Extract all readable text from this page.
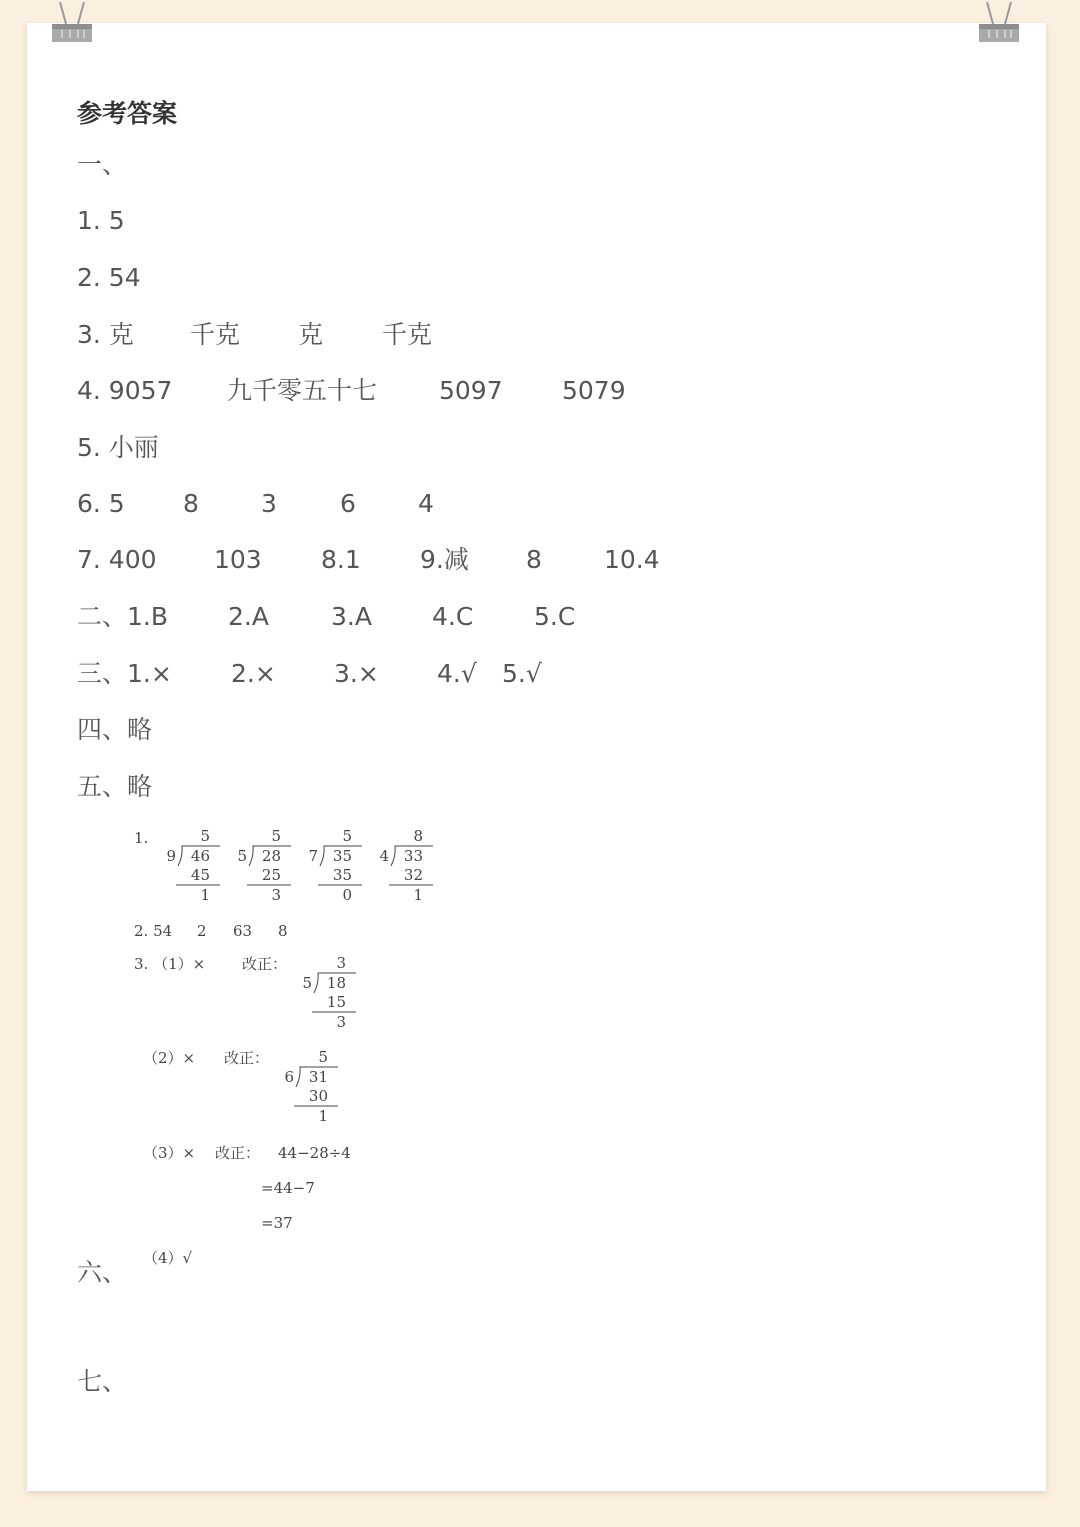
参考答案
一、
1. 5
2. 54
3. 克 千克 克 千克
4. 9057 九千零五十七 5097 5079
5. 小丽
6. 5 8 3	6 4
7. 400 103 8.1 9.减 8 10.4
二、1.B 2.A 3.A 4.C 5.C
三、1.× 2.× 3.× 4.√ 5.√
四、略
五、略
1.	5
9 46
45
1
5
5 28
25
3
5
7 35
35
0
8
4 33
32
1
2. 54 2 63 8
3. （1）× 改正：	3
5 18
15
3
（2）× 改正：	5
6 31
30
1
（3）× 改正： 44−28÷4
=44−7
=37
（4）√
六、
七、
